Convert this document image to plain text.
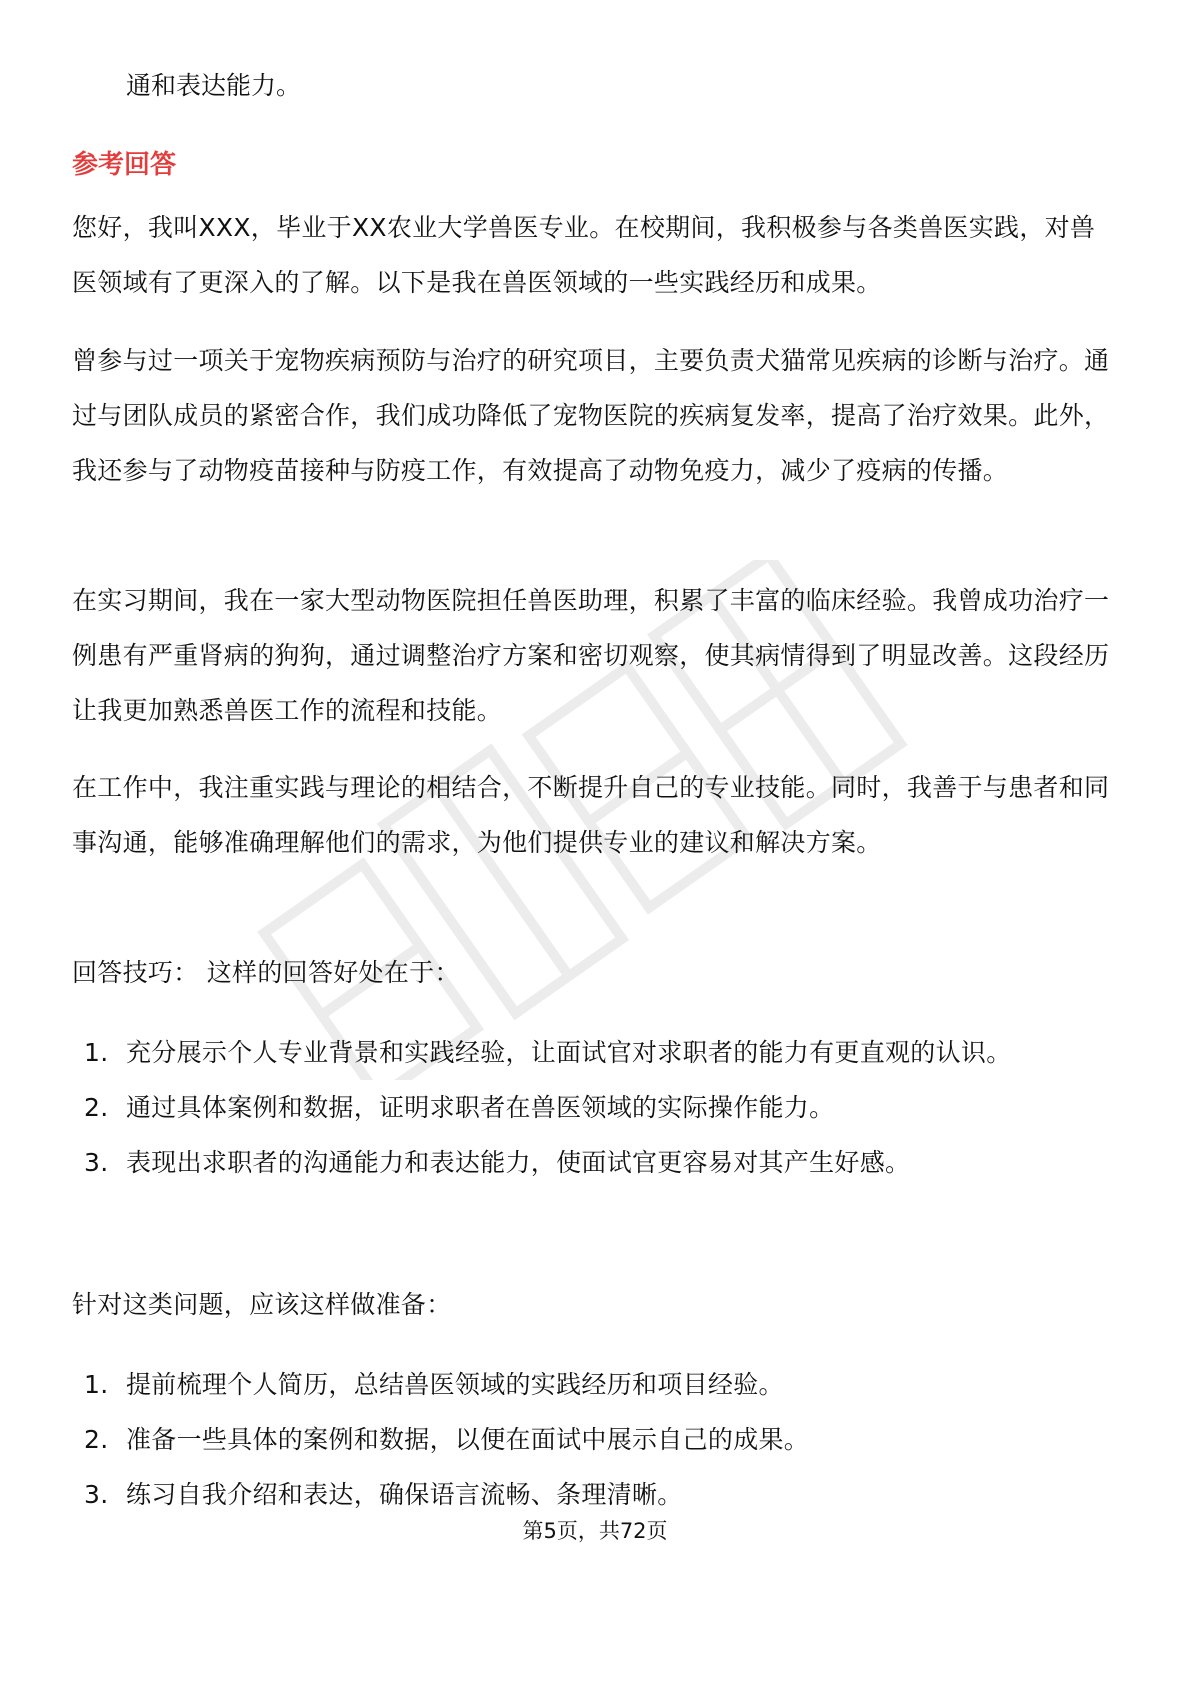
通和表达能力。

参考回答

您好，我叫XXX，毕业于XX农业大学兽医专业。在校期间，我积极参与各类兽医实践，对兽医领域有了更深入的了解。以下是我在兽医领域的一些实践经历和成果。

曾参与过一项关于宠物疾病预防与治疗的研究项目，主要负责犬猫常见疾病的诊断与治疗。通过与团队成员的紧密合作，我们成功降低了宠物医院的疾病复发率，提高了治疗效果。此外，我还参与了动物疫苗接种与防疫工作，有效提高了动物免疫力，减少了疫病的传播。

在实习期间，我在一家大型动物医院担任兽医助理，积累了丰富的临床经验。我曾成功治疗一例患有严重肾病的狗狗，通过调整治疗方案和密切观察，使其病情得到了明显改善。这段经历让我更加熟悉兽医工作的流程和技能。

在工作中，我注重实践与理论的相结合，不断提升自己的专业技能。同时，我善于与患者和同事沟通，能够准确理解他们的需求，为他们提供专业的建议和解决方案。

回答技巧： 这样的回答好处在于：

1. 充分展示个人专业背景和实践经验，让面试官对求职者的能力有更直观的认识。
2. 通过具体案例和数据，证明求职者在兽医领域的实际操作能力。
3. 表现出求职者的沟通能力和表达能力，使面试官更容易对其产生好感。

针对这类问题，应该这样做准备：

1. 提前梳理个人简历，总结兽医领域的实践经历和项目经验。
2. 准备一些具体的案例和数据，以便在面试中展示自己的成果。
3. 练习自我介绍和表达，确保语言流畅、条理清晰。
第5页，共72页
